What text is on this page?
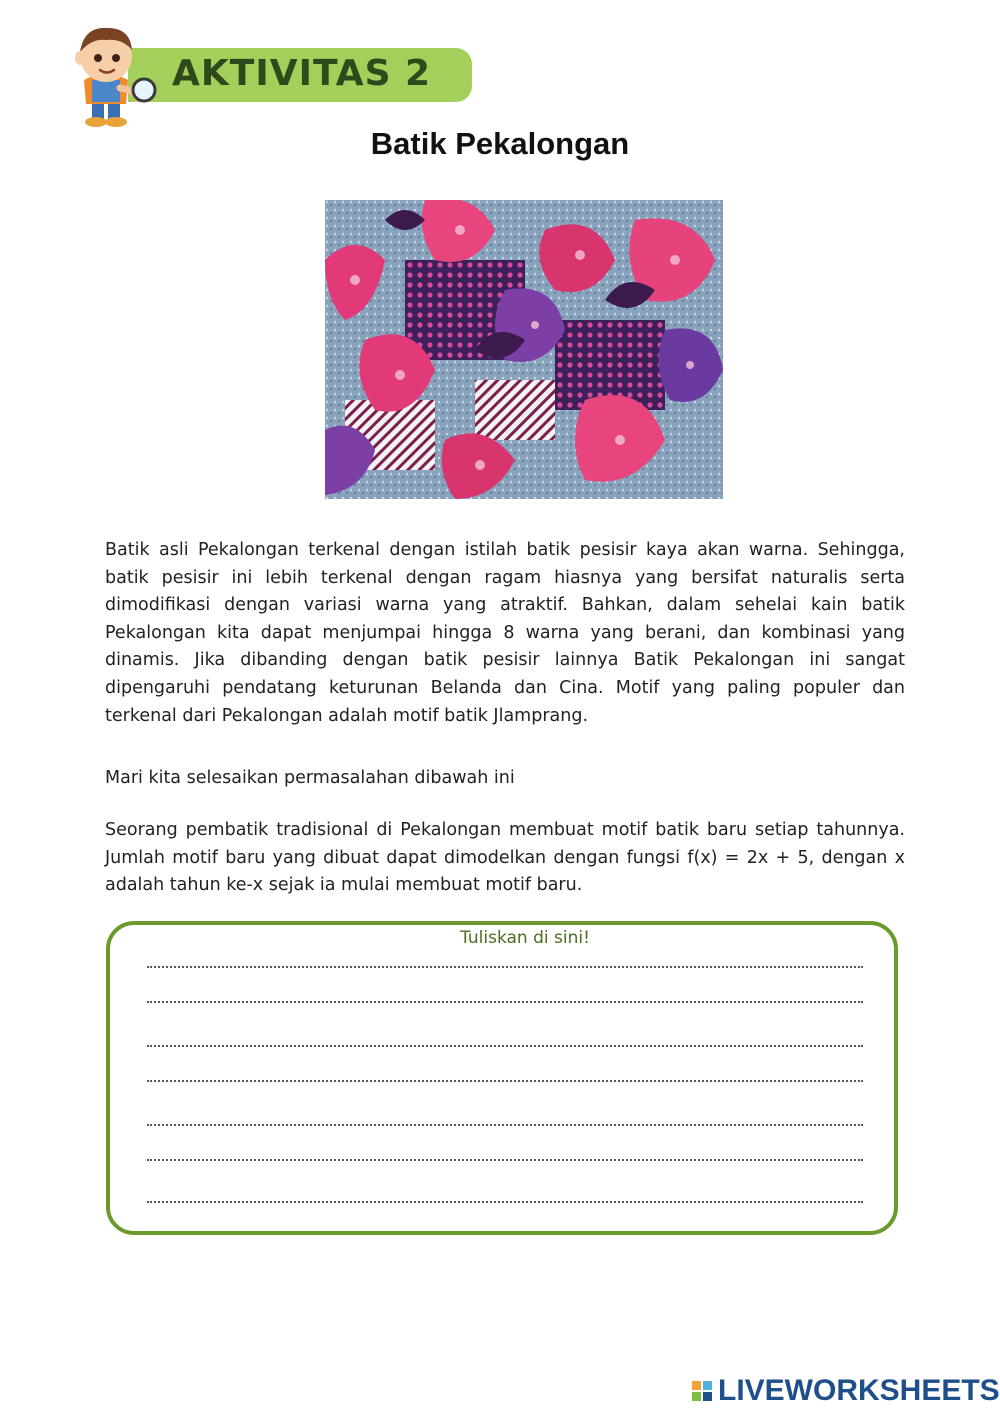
AKTIVITAS 2
Batik Pekalongan
Batik asli Pekalongan terkenal dengan istilah batik pesisir kaya akan warna. Sehingga, batik pesisir ini lebih terkenal dengan ragam hiasnya yang bersifat naturalis serta dimodifikasi dengan variasi warna yang atraktif. Bahkan, dalam sehelai kain batik Pekalongan kita dapat menjumpai hingga 8 warna yang berani, dan kombinasi yang dinamis. Jika dibanding dengan batik pesisir lainnya Batik Pekalongan ini sangat dipengaruhi pendatang keturunan Belanda dan Cina. Motif yang paling populer dan terkenal dari Pekalongan adalah motif batik Jlamprang.
Mari kita selesaikan permasalahan dibawah ini
Seorang pembatik tradisional di Pekalongan membuat motif batik baru setiap tahunnya. Jumlah motif baru yang dibuat dapat dimodelkan dengan fungsi f(x) = 2x + 5, dengan x adalah tahun ke-x sejak ia mulai membuat motif baru.
Tuliskan di sini!
LIVEWORKSHEETS
